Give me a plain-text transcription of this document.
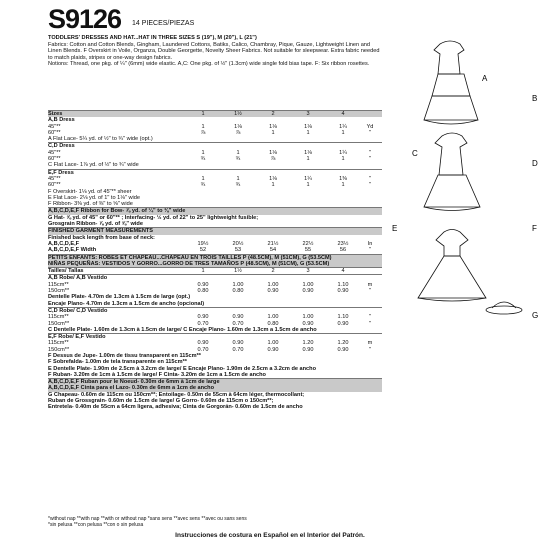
S9126 14 PIECES/PIEZAS
TODDLERS' DRESSES AND HAT...HAT IN THREE SIZES S (19"), M (20"), L (21")
Fabrics: Cotton and Cotton Blends, Gingham, Laundered Cottons, Batiks, Calico, Chambray, Pique, Gauze, Lightweight Linen and Linen Blends. F Overskirt in Voile, Organza, Double Georgette, Novelty Sheer Fabrics. Not suitable for sleepwear. Extra fabric needed to match plaids, stripes or one-way design fabrics.
Notions: Thread, one pkg. of ¼" (6mm) wide elastic. A,C: One pkg. of ½" (1.3cm) wide single fold bias tape. F: Six ribbon rosettes.
Sizes	1	1½	2	3	4
A,B Dress
45"**	1	1⅛	1⅛	1⅛	1¼	Yd
60"**	⅞	⅞	1	1	1	"
A Flat Lace- 5¼ yd. of ½" to ¾" wide (opt.)
C,D Dress
45"**	1	1	1⅛	1⅛	1¼	"
60"**	¾	¾	⅞	1	1	"
C Flat Lace- 1⅞ yd. of ½" to ¾" wide
E,F Dress
45"**	1	1	1⅛	1¼	1⅜	"
60"**	¾	¾	1	1	1	"
F Overskirt- 1⅛ yd. of 45"** sheer
E Flat Lace- 2⅛ yd. of 1" to 1⅛" wide
F Ribbon- 3⅜ yd. of ⅜" to ⅝" wide
A,B,C,D,E,F Ribbon for Bow- ⅞ yd. of ¼" to ⅜" wide
G Hat- ⅝ yd. of 45" or 60"** ; Interfacing- ½ yd. of 22" to 25" lightweight fusible;
Grosgrain Ribbon- ⅞ yd. of ⅝" wide
FINISHED GARMENT MEASUREMENTS
Finished back length from base of neck:
A,B,C,D,E,F	19½	20½	21½	22½	23½	In
A,B,C,D,E,F Width	52	53	54	55	56	"
PETITS ENFANTS: ROBES ET CHAPEAU...CHAPEAU EN TROIS TAILLES P (48.5CM), M (51CM), G (53.5CM)
NIÑAS PEQUEÑAS: VESTIDOS Y GORRO...GORRO DE TRES TAMAÑOS P (48.5CM), M (51CM), G (53.5CM)
Tailles/ Tallas	1	1½	2	3	4
A,B Robe/ A,B Vestido
115cm**	0.90	1.00	1.00	1.00	1.10	m
150cm**	0.80	0.80	0.90	0.90	0.90	"
Dentelle Plate- 4.70m de 1.3cm à 1.5cm de large (opt.)
Encaje Plano- 4.70m de 1.3cm a 1.5cm de ancho (opcional)
C,D Robe/ C,D Vestido
115cm**	0.90	0.90	1.00	1.00	1.10	"
150cm**	0.70	0.70	0.80	0.90	0.90	"
C Dentelle Plate- 1.60m de 1.3cm à 1.5cm de large/ C Encaje Plano- 1.60m de 1.3cm a 1.5cm de ancho
E,F Robe/ E,F Vestido
115cm**	0.90	0.90	1.00	1.20	1.20	m
150cm**	0.70	0.70	0.90	0.90	0.90	"
F Dessus de Jupe- 1.00m de tissu transparent en 115cm**
F Sobrefalda- 1.00m de tela transparente en 115cm**
E Dentelle Plate- 1.90m de 2.5cm à 3.2cm de large/ E Encaje Plano- 1.90m de 2.5cm a 3.2cm de ancho
F Ruban- 3.20m de 1cm à 1.5cm de large/ F Cinta- 3.20m de 1cm a 1.5cm de ancho
A,B,C,D,E,F Ruban pour le Noeud- 0.30m de 6mm à 1cm de large
A,B,C,D,E,F Cinta para el Lazo- 0.30m de 6mm a 1cm de ancho
G Chapeau- 0.60m de 115cm ou 150cm**; Entoilage- 0.50m de 55cm à 64cm léger, thermocollant;
Ruban de Grossgrain- 0.60m de 1.5cm de large/ G Gorro- 0.60m de 115cm o 150cm**;
Entretela- 0.40m de 55cm a 64cm ligera, adhesiva; Cinta de Gorgorán- 0.60m de 1.5cm de ancho
A
B
C
D
E	F
G
*without nap **with nap **with or without nap *sans sens **avec sens **avec ou sans sens
*sin pelusa **con pelusa **con o sin pelusa
Instrucciones de costura en Español en el Interior del Patrón.
